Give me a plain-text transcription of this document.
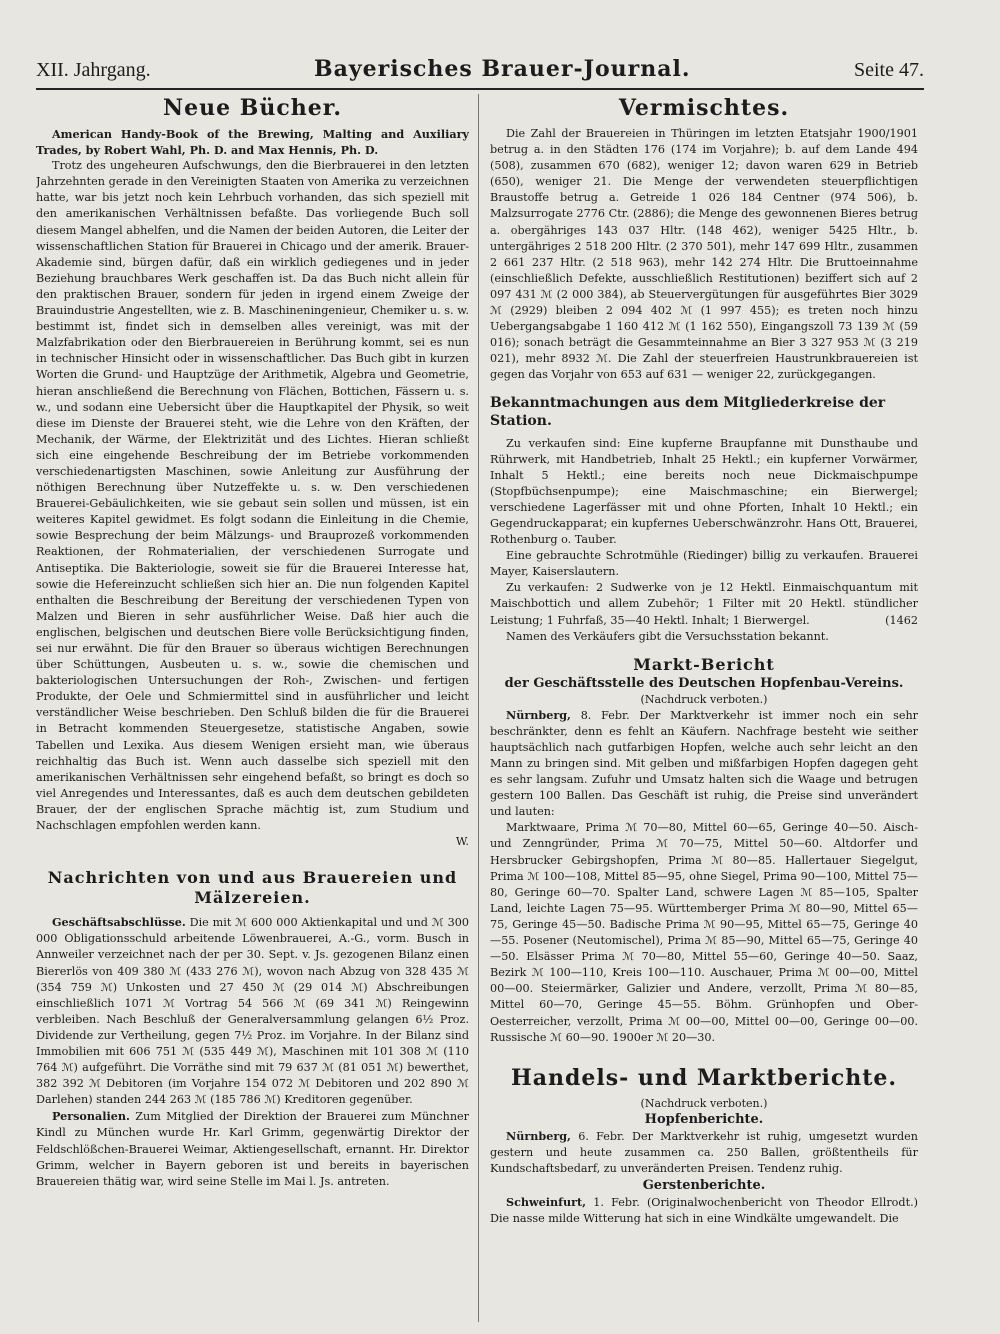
XII. Jahrgang.	Bayerisches Brauer-Journal.	Seite 47.
Neue Bücher.

American Handy-Book of the Brewing, Malting and Auxiliary Trades, by Robert Wahl, Ph. D. and Max Hennis, Ph. D.

Trotz des ungeheuren Aufschwungs, den die Bierbrauerei in den letzten Jahrzehnten gerade in den Vereinigten Staaten von Amerika zu verzeichnen hatte, war bis jetzt noch kein Lehrbuch vorhanden, das sich speziell mit den amerikanischen Verhältnissen befaßte. Das vorliegende Buch soll diesem Mangel abhelfen, und die Namen der beiden Autoren, die Leiter der wissenschaftlichen Station für Brauerei in Chicago und der amerik. Brauer-Akademie sind, bürgen dafür, daß ein wirklich gediegenes und in jeder Beziehung brauchbares Werk geschaffen ist. Da das Buch nicht allein für den praktischen Brauer, sondern für jeden in irgend einem Zweige der Brauindustrie Angestellten, wie z. B. Maschineningenieur, Chemiker u. s. w. bestimmt ist, findet sich in demselben alles vereinigt, was mit der Malzfabrikation oder den Bierbrauereien in Berührung kommt, sei es nun in technischer Hinsicht oder in wissenschaftlicher. Das Buch gibt in kurzen Worten die Grund- und Hauptzüge der Arithmetik, Algebra und Geometrie, hieran anschließend die Berechnung von Flächen, Bottichen, Fässern u. s. w., und sodann eine Uebersicht über die Hauptkapitel der Physik, so weit diese im Dienste der Brauerei steht, wie die Lehre von den Kräften, der Mechanik, der Wärme, der Elektrizität und des Lichtes. Hieran schließt sich eine eingehende Beschreibung der im Betriebe vorkommenden verschiedenartigsten Maschinen, sowie Anleitung zur Ausführung der nöthigen Berechnung über Nutzeffekte u. s. w. Den verschiedenen Brauerei-Gebäulichkeiten, wie sie gebaut sein sollen und müssen, ist ein weiteres Kapitel gewidmet. Es folgt sodann die Einleitung in die Chemie, sowie Besprechung der beim Mälzungs- und Brauprozeß vorkommenden Reaktionen, der Rohmaterialien, der verschiedenen Surrogate und Antiseptika. Die Bakteriologie, soweit sie für die Brauerei Interesse hat, sowie die Hefereinzucht schließen sich hier an. Die nun folgenden Kapitel enthalten die Beschreibung der Bereitung der verschiedenen Typen von Malzen und Bieren in sehr ausführlicher Weise. Daß hier auch die englischen, belgischen und deutschen Biere volle Berücksichtigung finden, sei nur erwähnt. Die für den Brauer so überaus wichtigen Berechnungen über Schüttungen, Ausbeuten u. s. w., sowie die chemischen und bakteriologischen Untersuchungen der Roh-, Zwischen- und fertigen Produkte, der Oele und Schmiermittel sind in ausführlicher und leicht verständlicher Weise beschrieben. Den Schluß bilden die für die Brauerei in Betracht kommenden Steuergesetze, statistische Angaben, sowie Tabellen und Lexika. Aus diesem Wenigen ersieht man, wie überaus reichhaltig das Buch ist. Wenn auch dasselbe sich speziell mit den amerikanischen Verhältnissen sehr eingehend befaßt, so bringt es doch so viel Anregendes und Interessantes, daß es auch dem deutschen gebildeten Brauer, der der englischen Sprache mächtig ist, zum Studium und Nachschlagen empfohlen werden kann.

W.
Nachrichten von und aus Brauereien und Mälzereien.

Geschäftsabschlüsse. Die mit ℳ 600 000 Aktienkapital und und ℳ 300 000 Obligationsschuld arbeitende Löwenbrauerei, A.-G., vorm. Busch in Annweiler verzeichnet nach der per 30. Sept. v. Js. gezogenen Bilanz einen Biererlös von 409 380 ℳ (433 276 ℳ), wovon nach Abzug von 328 435 ℳ (354 759 ℳ) Unkosten und 27 450 ℳ (29 014 ℳ) Abschreibungen einschließlich 1071 ℳ Vortrag 54 566 ℳ (69 341 ℳ) Reingewinn verbleiben. Nach Beschluß der Generalversammlung gelangen 6½ Proz. Dividende zur Vertheilung, gegen 7½ Proz. im Vorjahre. In der Bilanz sind Immobilien mit 606 751 ℳ (535 449 ℳ), Maschinen mit 101 308 ℳ (110 764 ℳ) aufgeführt. Die Vorräthe sind mit 79 637 ℳ (81 051 ℳ) bewerthet, 382 392 ℳ Debitoren (im Vorjahre 154 072 ℳ Debitoren und 202 890 ℳ Darlehen) standen 244 263 ℳ (185 786 ℳ) Kreditoren gegenüber.

Personalien. Zum Mitglied der Direktion der Brauerei zum Münchner Kindl zu München wurde Hr. Karl Grimm, gegenwärtig Direktor der Feldschlößchen-Brauerei Weimar, Aktiengesellschaft, ernannt. Hr. Direktor Grimm, welcher in Bayern geboren ist und bereits in bayerischen Brauereien thätig war, wird seine Stelle im Mai l. Js. antreten.

Vermischtes.

Die Zahl der Brauereien in Thüringen im letzten Etatsjahr 1900/1901 betrug a. in den Städten 176 (174 im Vorjahre); b. auf dem Lande 494 (508), zusammen 670 (682), weniger 12; davon waren 629 in Betrieb (650), weniger 21. Die Menge der verwendeten steuerpflichtigen Braustoffe betrug a. Getreide 1 026 184 Centner (974 506), b. Malzsurrogate 2776 Ctr. (2886); die Menge des gewonnenen Bieres betrug a. obergähriges 143 037 Hltr. (148 462), weniger 5425 Hltr., b. untergähriges 2 518 200 Hltr. (2 370 501), mehr 147 699 Hltr., zusammen 2 661 237 Hltr. (2 518 963), mehr 142 274 Hltr. Die Bruttoeinnahme (einschließlich Defekte, ausschließlich Restitutionen) beziffert sich auf 2 097 431 ℳ (2 000 384), ab Steuervergütungen für ausgeführtes Bier 3029 ℳ (2929) bleiben 2 094 402 ℳ (1 997 455); es treten noch hinzu Uebergangsabgabe 1 160 412 ℳ (1 162 550), Eingangszoll 73 139 ℳ (59 016); sonach beträgt die Gesammteinnahme an Bier 3 327 953 ℳ (3 219 021), mehr 8932 ℳ. Die Zahl der steuerfreien Haustrunkbrauereien ist gegen das Vorjahr von 653 auf 631 — weniger 22, zurückgegangen.

Bekanntmachungen aus dem Mitgliederkreise der Station.

Zu verkaufen sind: Eine kupferne Braupfanne mit Dunsthaube und Rührwerk, mit Handbetrieb, Inhalt 25 Hektl.; ein kupferner Vorwärmer, Inhalt 5 Hektl.; eine bereits noch neue Dickmaischpumpe (Stopfbüchsenpumpe); eine Maischmaschine; ein Bierwergel; verschiedene Lagerfässer mit und ohne Pforten, Inhalt 10 Hektl.; ein Gegendruckapparat; ein kupfernes Ueberschwänzrohr. Hans Ott, Brauerei, Rothenburg o. Tauber.

Eine gebrauchte Schrotmühle (Riedinger) billig zu verkaufen. Brauerei Mayer, Kaiserslautern.

Zu verkaufen: 2 Sudwerke von je 12 Hektl. Einmaischquantum mit Maischbottich und allem Zubehör; 1 Filter mit 20 Hektl. stündlicher Leistung; 1 Fuhrfaß, 35—40 Hektl. Inhalt; 1 Bierwergel.	(1462

Namen des Verkäufers gibt die Versuchsstation bekannt.

Markt-Bericht
der Geschäftsstelle des Deutschen Hopfenbau-Vereins.
(Nachdruck verboten.)

Nürnberg, 8. Febr. Der Marktverkehr ist immer noch ein sehr beschränkter, denn es fehlt an Käufern. Nachfrage besteht wie seither hauptsächlich nach gutfarbigen Hopfen, welche auch sehr leicht an den Mann zu bringen sind. Mit gelben und mißfarbigen Hopfen dagegen geht es sehr langsam. Zufuhr und Umsatz halten sich die Waage und betrugen gestern 100 Ballen. Das Geschäft ist ruhig, die Preise sind unverändert und lauten:

Marktwaare, Prima ℳ 70—80, Mittel 60—65, Geringe 40—50. Aisch- und Zenngründer, Prima ℳ 70—75, Mittel 50—60. Altdorfer und Hersbrucker Gebirgshopfen, Prima ℳ 80—85. Hallertauer Siegelgut, Prima ℳ 100—108, Mittel 85—95, ohne Siegel, Prima 90—100, Mittel 75—80, Geringe 60—70. Spalter Land, schwere Lagen ℳ 85—105, Spalter Land, leichte Lagen 75—95. Württemberger Prima ℳ 80—90, Mittel 65—75, Geringe 45—50. Badische Prima ℳ 90—95, Mittel 65—75, Geringe 40—55. Posener (Neutomischel), Prima ℳ 85—90, Mittel 65—75, Geringe 40—50. Elsässer Prima ℳ 70—80, Mittel 55—60, Geringe 40—50. Saaz, Bezirk ℳ 100—110, Kreis 100—110. Auschauer, Prima ℳ 00—00, Mittel 00—00. Steiermärker, Galizier und Andere, verzollt, Prima ℳ 80—85, Mittel 60—70, Geringe 45—55. Böhm. Grünhopfen und Ober-Oesterreicher, verzollt, Prima ℳ 00—00, Mittel 00—00, Geringe 00—00. Russische ℳ 60—90. 1900er ℳ 20—30.

Handels- und Marktberichte.
(Nachdruck verboten.)
Hopfenberichte.

Nürnberg, 6. Febr. Der Marktverkehr ist ruhig, umgesetzt wurden gestern und heute zusammen ca. 250 Ballen, größtentheils für Kundschaftsbedarf, zu unveränderten Preisen. Tendenz ruhig.

Gerstenberichte.

Schweinfurt, 1. Febr. (Originalwochenbericht von Theodor Ellrodt.) Die nasse milde Witterung hat sich in eine Windkälte umgewandelt. Die
